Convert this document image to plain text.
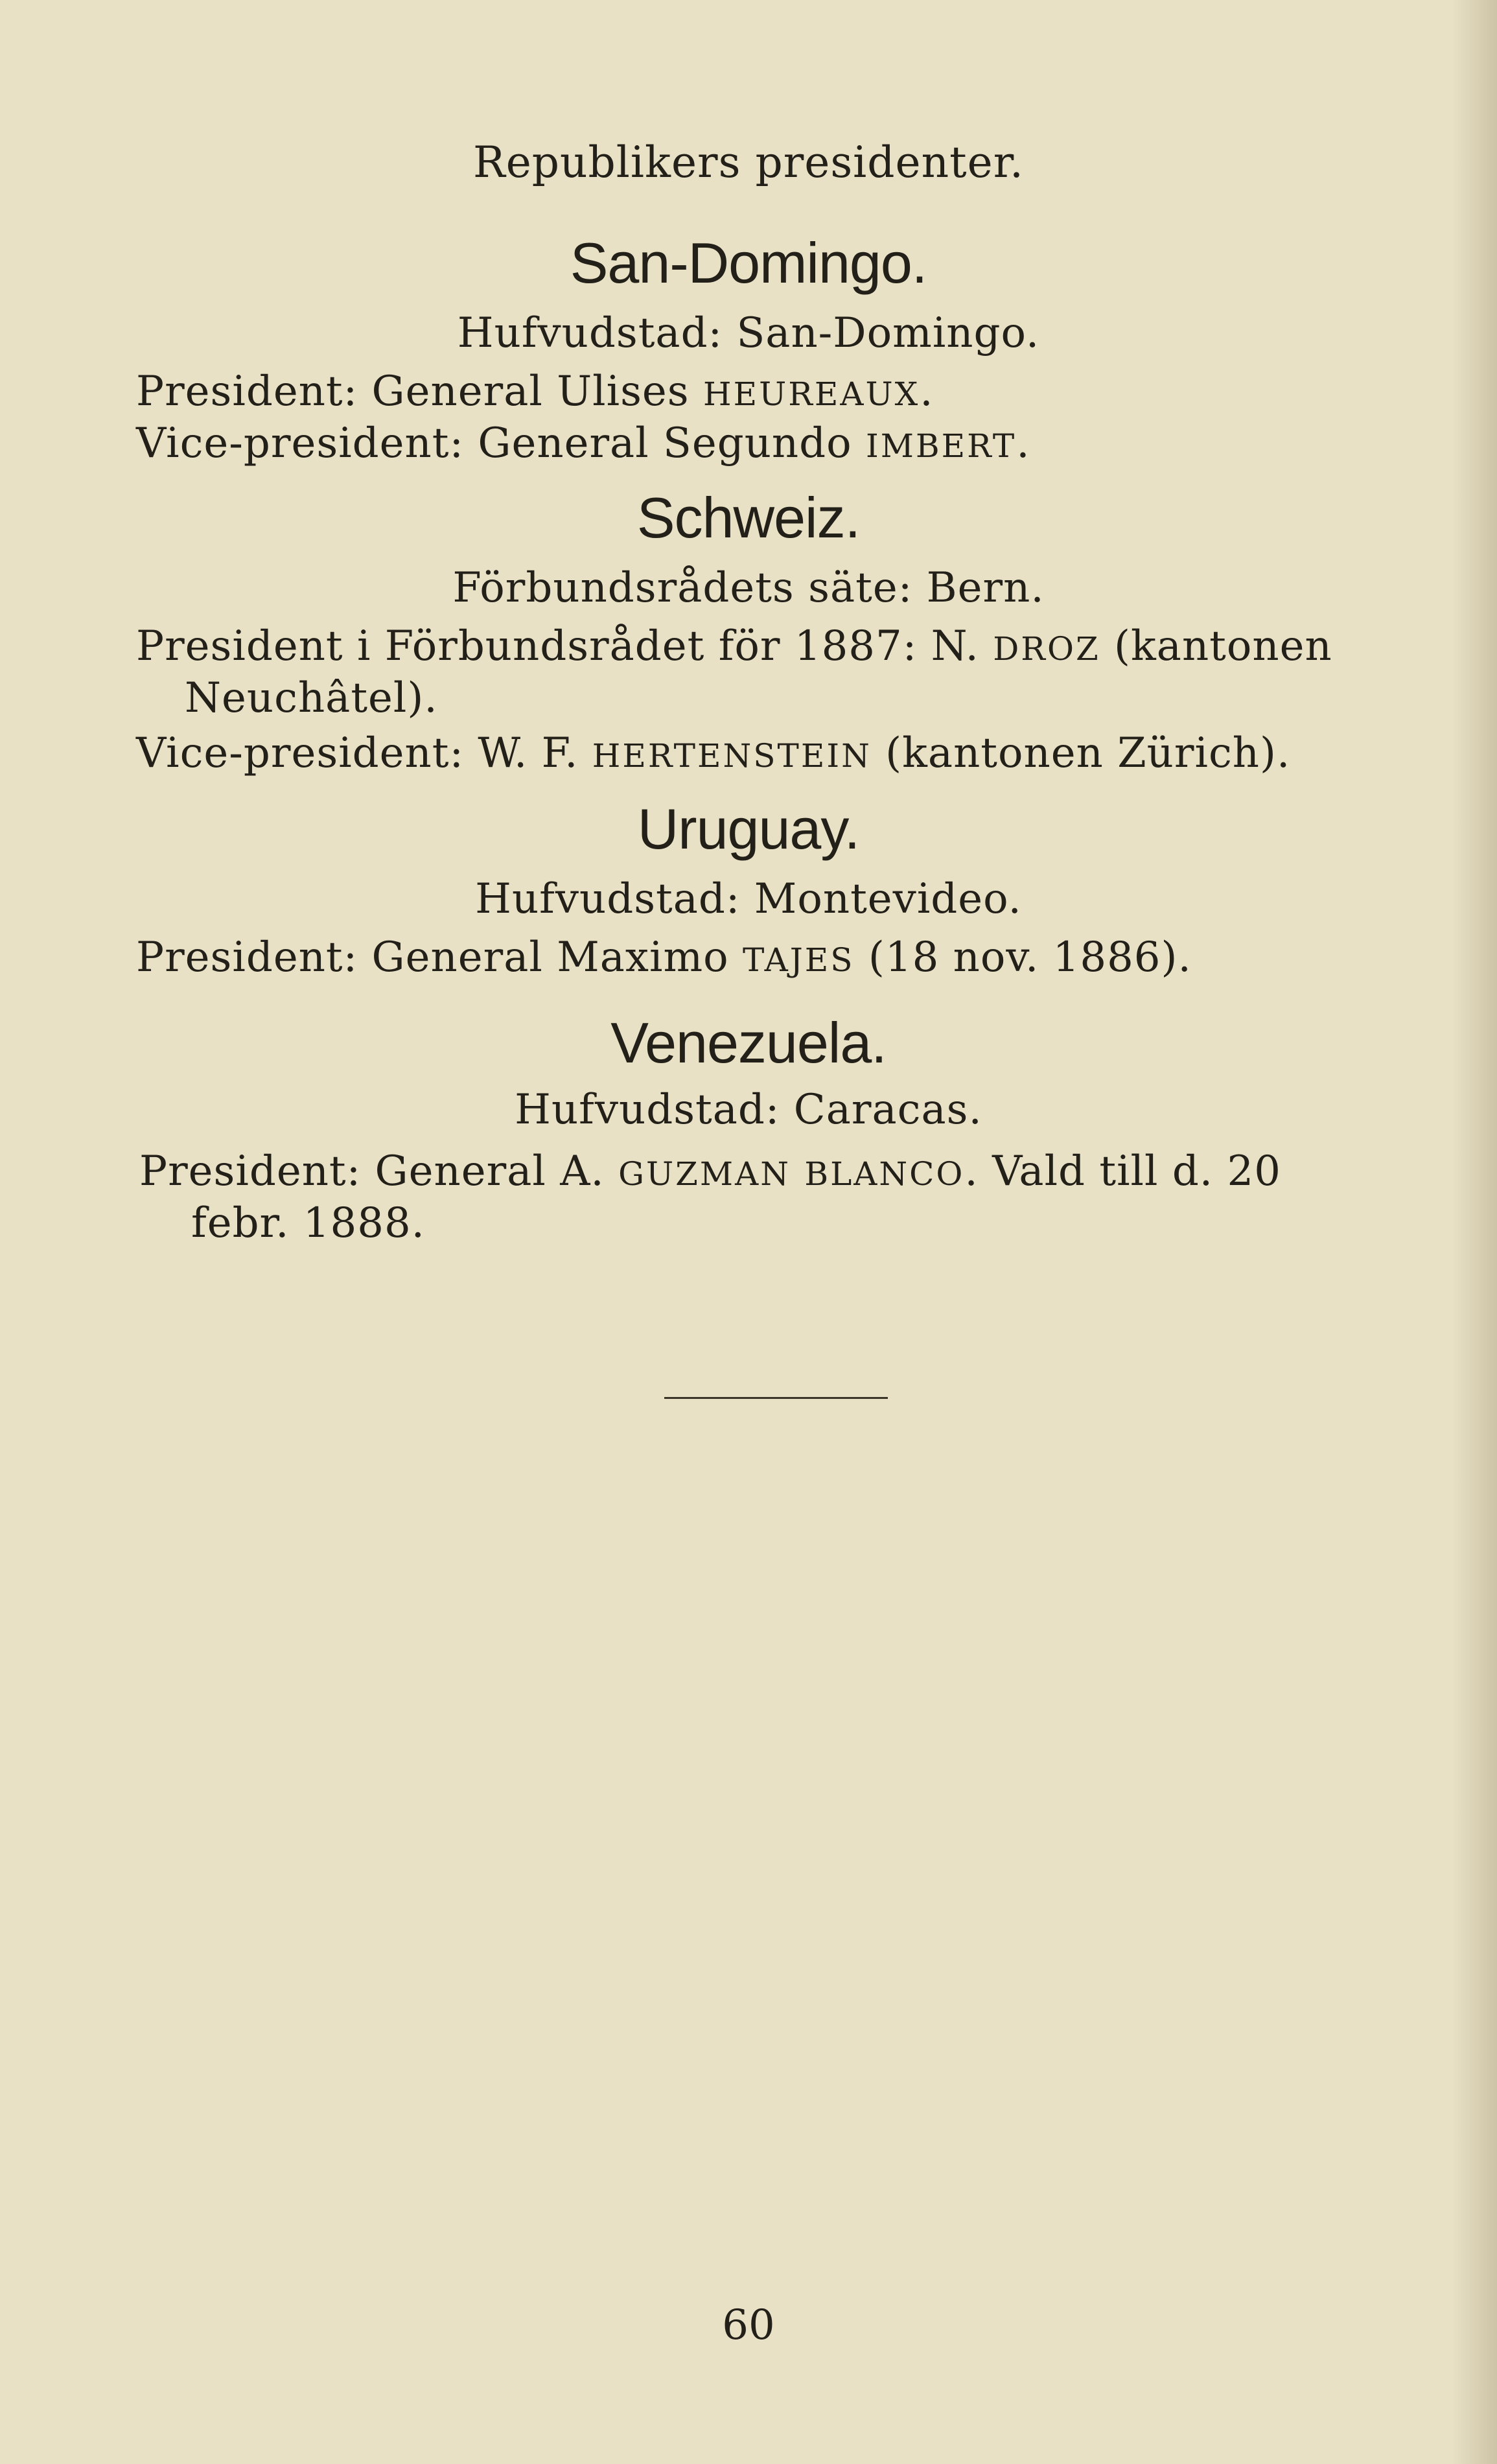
Republikers presidenter.
San-Domingo.
Hufvudstad: San-Domingo.
President: General Ulises HEUREAUX.
Vice-president: General Segundo IMBERT.
Schweiz.
Förbundsrådets säte: Bern.
President i Förbundsrådet för 1887: N. DROZ (kantonen
Neuchâtel).
Vice-president: W. F. HERTENSTEIN (kantonen Zürich).
Uruguay.
Hufvudstad: Montevideo.
President: General Maximo TAJES (18 nov. 1886).
Venezuela.
Hufvudstad: Caracas.
President: General A. GUZMAN BLANCO. Vald till d. 20
febr. 1888.
60
